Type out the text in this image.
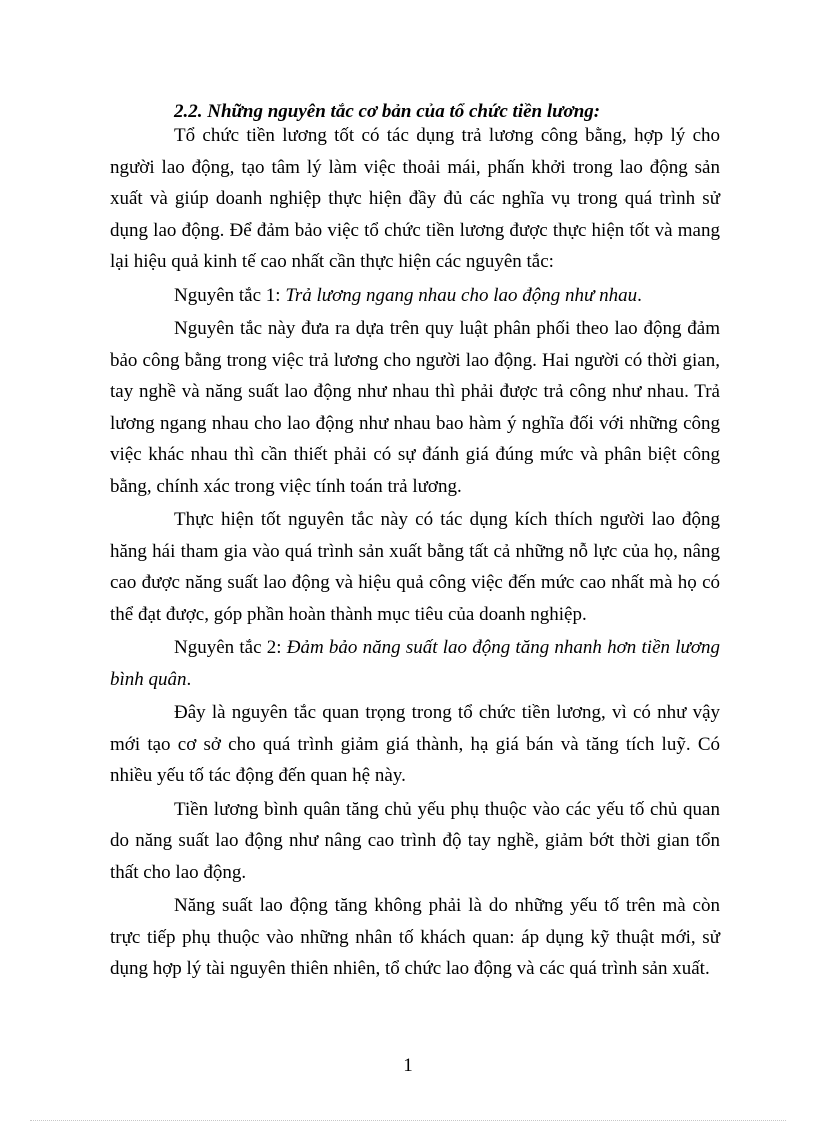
2.2. Những nguyên tắc cơ bản của tổ chức tiền lương:

Tổ chức tiền lương tốt có tác dụng trả lương công bằng, hợp lý cho người lao động, tạo tâm lý làm việc thoải mái, phấn khởi trong lao động sản xuất và giúp doanh nghiệp thực hiện đầy đủ các nghĩa vụ trong quá trình sử dụng lao động. Để đảm bảo việc tổ chức tiền lương được thực hiện tốt và mang lại hiệu quả kinh tế cao nhất cần thực hiện các nguyên tắc:

Nguyên tắc 1: Trả lương ngang nhau cho lao động như nhau.

Nguyên tắc này đưa ra dựa trên quy luật phân phối theo lao động đảm bảo công bằng trong việc trả lương cho người lao động. Hai người có thời gian, tay nghề và năng suất lao động như nhau thì phải được trả công như nhau. Trả lương ngang nhau cho lao động như nhau bao hàm ý nghĩa đối với những công việc khác nhau thì cần thiết phải có sự đánh giá đúng mức và phân biệt công bằng, chính xác trong việc tính toán trả lương.

Thực hiện tốt nguyên tắc này có tác dụng kích thích người lao động hăng hái tham gia vào quá trình sản xuất bằng tất cả những nỗ lực của họ, nâng cao được năng suất lao động và hiệu quả công việc đến mức cao nhất mà họ có thể đạt được, góp phần hoàn thành mục tiêu của doanh nghiệp.

Nguyên tắc 2: Đảm bảo năng suất lao động tăng nhanh hơn tiền lương bình quân.

Đây là nguyên tắc quan trọng trong tổ chức tiền lương, vì có như vậy mới tạo cơ sở cho quá trình giảm giá thành, hạ giá bán và tăng tích luỹ. Có nhiều yếu tố tác động đến quan hệ này.

Tiền lương bình quân tăng chủ yếu phụ thuộc vào các yếu tố chủ quan do năng suất lao động như nâng cao trình độ tay nghề, giảm bớt thời gian tổn thất cho lao động.

Năng suất lao động tăng không phải là do những yếu tố trên mà còn trực tiếp phụ thuộc vào những nhân tố khách quan: áp dụng kỹ thuật mới, sử dụng hợp lý tài nguyên thiên nhiên, tổ chức lao động và các quá trình sản xuất.

1
